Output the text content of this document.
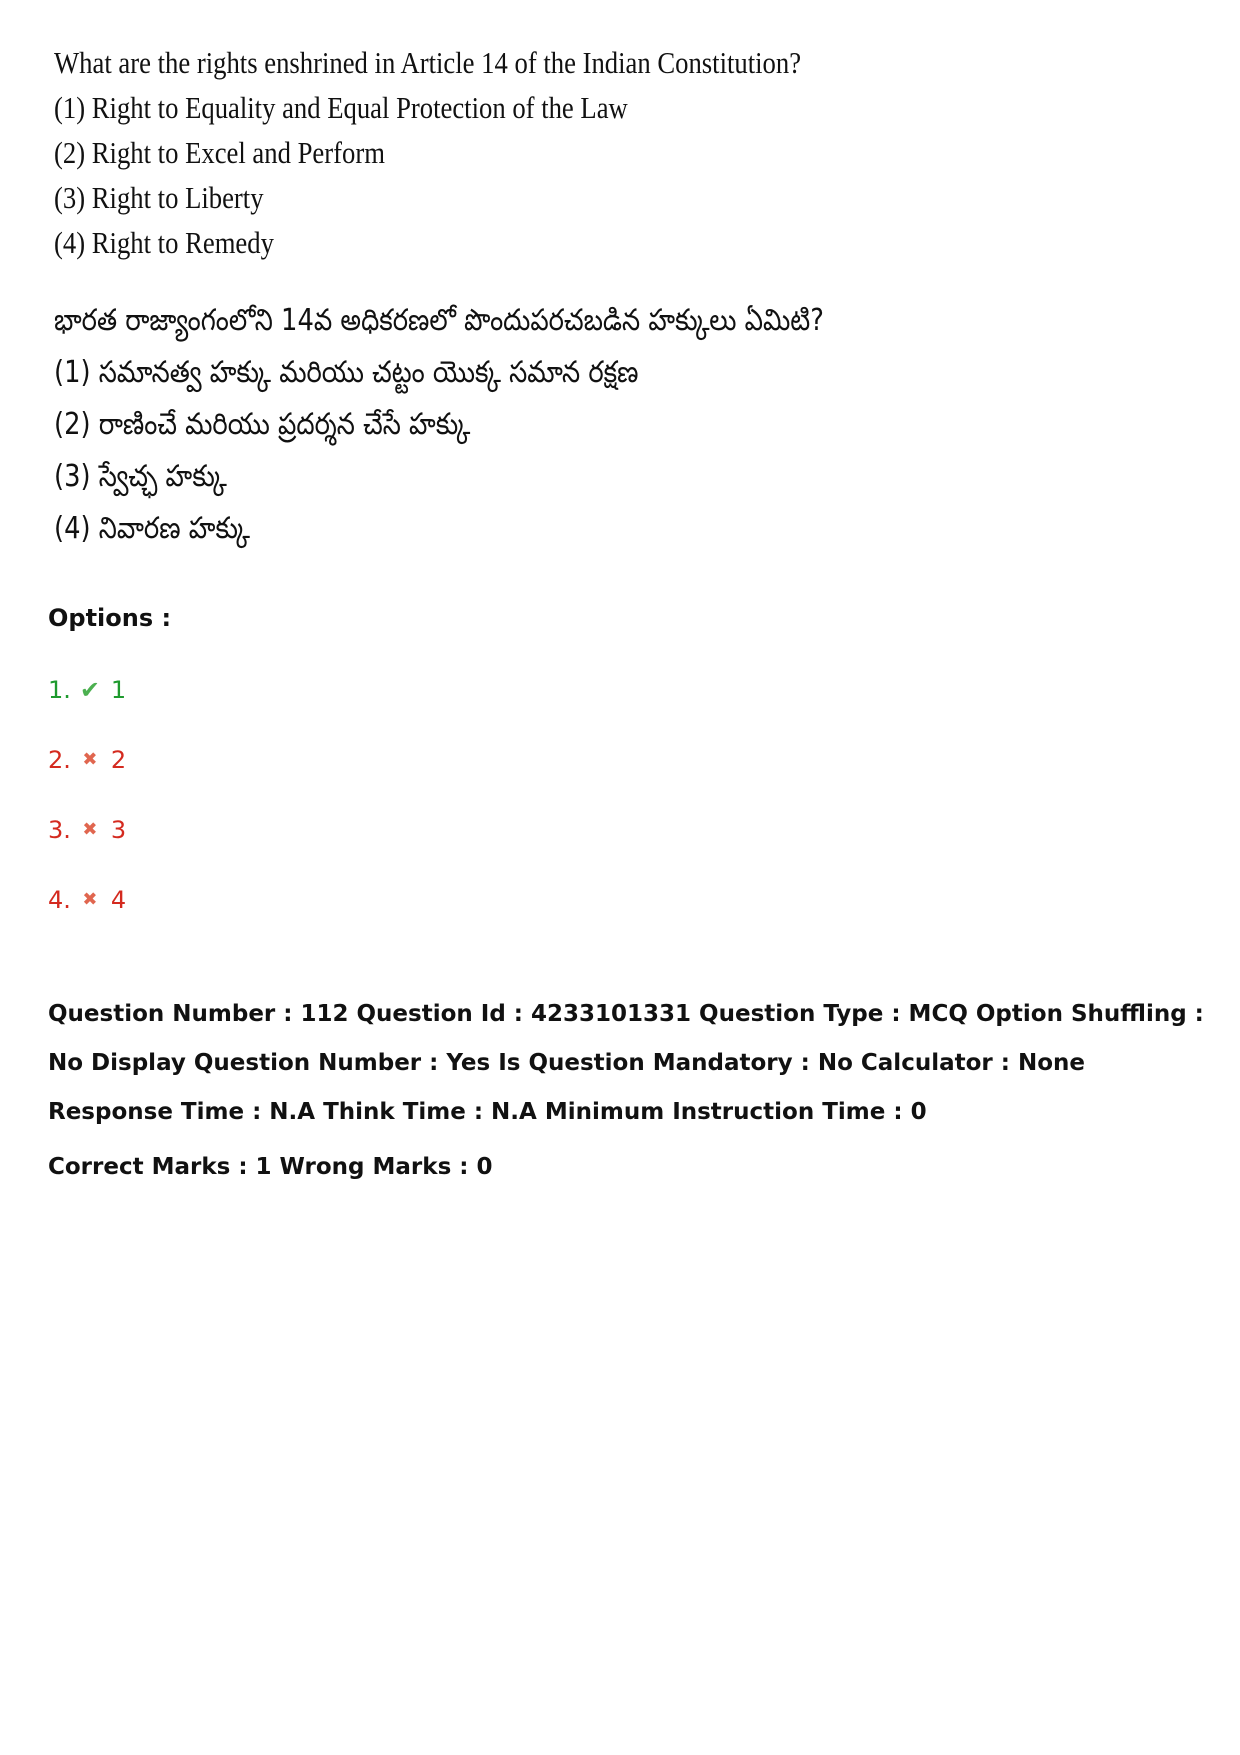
What are the rights enshrined in Article 14 of the Indian Constitution?
(1) Right to Equality and Equal Protection of the Law
(2) Right to Excel and Perform
(3) Right to Liberty
(4) Right to Remedy
భారత రాజ్యాంగంలోని 14వ అధికరణలో పొందుపరచబడిన హక్కులు ఏమిటి?
(1) సమానత్వ హక్కు మరియు చట్టం యొక్క సమాన రక్షణ
(2) రాణించే మరియు ప్రదర్శన చేసే హక్కు
(3) స్వేచ్ఛ హక్కు
(4) నివారణ హక్కు
Options :
1. ✔ 1
2. ✖ 2
3. ✖ 3
4. ✖ 4
Question Number : 112 Question Id : 4233101331 Question Type : MCQ Option Shuffling : No Display Question Number : Yes Is Question Mandatory : No Calculator : None Response Time : N.A Think Time : N.A Minimum Instruction Time : 0
Correct Marks : 1 Wrong Marks : 0
